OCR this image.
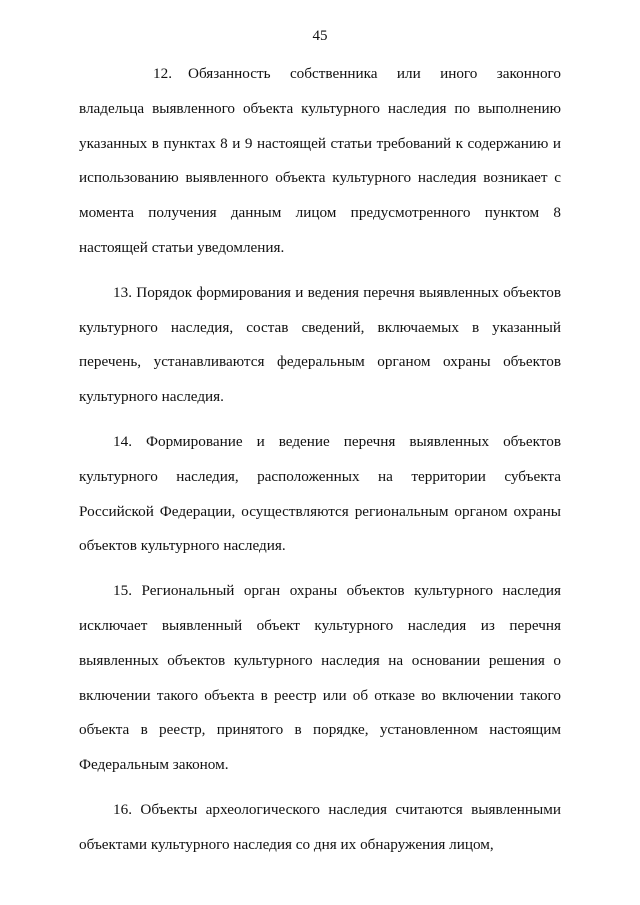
45

12. Обязанность собственника или иного законного владельца выявленного объекта культурного наследия по выполнению указанных в пунктах 8 и 9 настоящей статьи требований к содержанию и использованию выявленного объекта культурного наследия возникает с момента получения данным лицом предусмотренного пунктом 8 настоящей статьи уведомления.

13. Порядок формирования и ведения перечня выявленных объектов культурного наследия, состав сведений, включаемых в указанный перечень, устанавливаются федеральным органом охраны объектов культурного наследия.

14. Формирование и ведение перечня выявленных объектов культурного наследия, расположенных на территории субъекта Российской Федерации, осуществляются региональным органом охраны объектов культурного наследия.

15. Региональный орган охраны объектов культурного наследия исключает выявленный объект культурного наследия из перечня выявленных объектов культурного наследия на основании решения о включении такого объекта в реестр или об отказе во включении такого объекта в реестр, принятого в порядке, установленном настоящим Федеральным законом.

16. Объекты археологического наследия считаются выявленными объектами культурного наследия со дня их обнаружения лицом,
